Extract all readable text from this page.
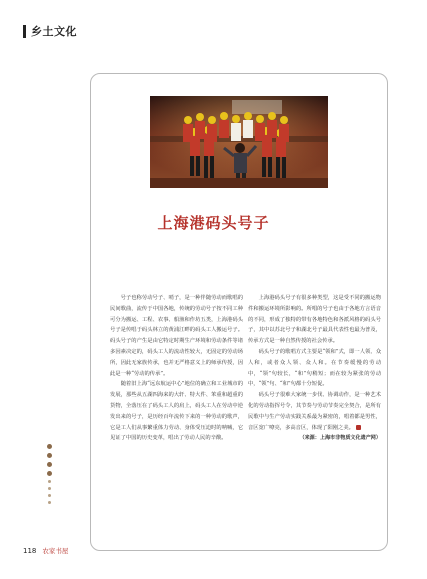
乡土文化
上海港码头号子

号子也称劳动号子、哨子，是一种伴随劳动而歌唱的民间歌曲，流传于中国各地，传统的劳动号子按不同工种可分为搬运、工程、农事、船渔和作坊五类，上海港码头号子是传唱于码头林立的黄浦江畔的码头工人搬运号子。码头号子的产生是由它特定时期生产环境和劳动条件等诸多因素决定的，码头工人的流动性较大，无固定的劳动场所，因此无家族传承，也并无严格意义上的师承传授，因此是一种“劳动的传承”。

随着旧上海“远东航运中心”地位的确立和工业城市的发展，那些从五湖四海来的大轩、特大件、笨重和超重的货物，全落压在了码头工人的肩上，码头工人在劳动中逆发出来的号子，是历经百年流传下来的一种劳动的歌声，它是工人们从事繁重体力劳动、身体受压迫时的呐喊，它见证了中国的历史变革，唱出了劳动人民的辛酸。

上海港码头号子有很多种类型，这是受不同的搬运物件和搬运环境所影响的。所唱的号子也由于各地方言语音的不同，形成了独特的带有各地特色和各派风格的码头号子，其中以苏北号子和湖北号子最具代表性也最为普及，传承方式是一种自然传授的社会传承。

码头号子的歌唱方式主要是“领和”式，即一人领、众人和，或者众人领、众人和。在节奏缓慢的劳动中，“领”句较长，“和”句稍短；而在较为紧张的劳动中，“领”句、“和”句都十分短促。

码头号子很难大家统一步伐、协调动作，是一种艺术化的劳动指挥号令，其节奏与劳动节奏完全契合，是所有民歌中与生产劳动实践关系最为紧密的，唱着都是男性，音区宽广嘹亮，多高音区，体现了阳刚之美。

（来源：上海市非物质文化遗产网）

118 农家书屋
